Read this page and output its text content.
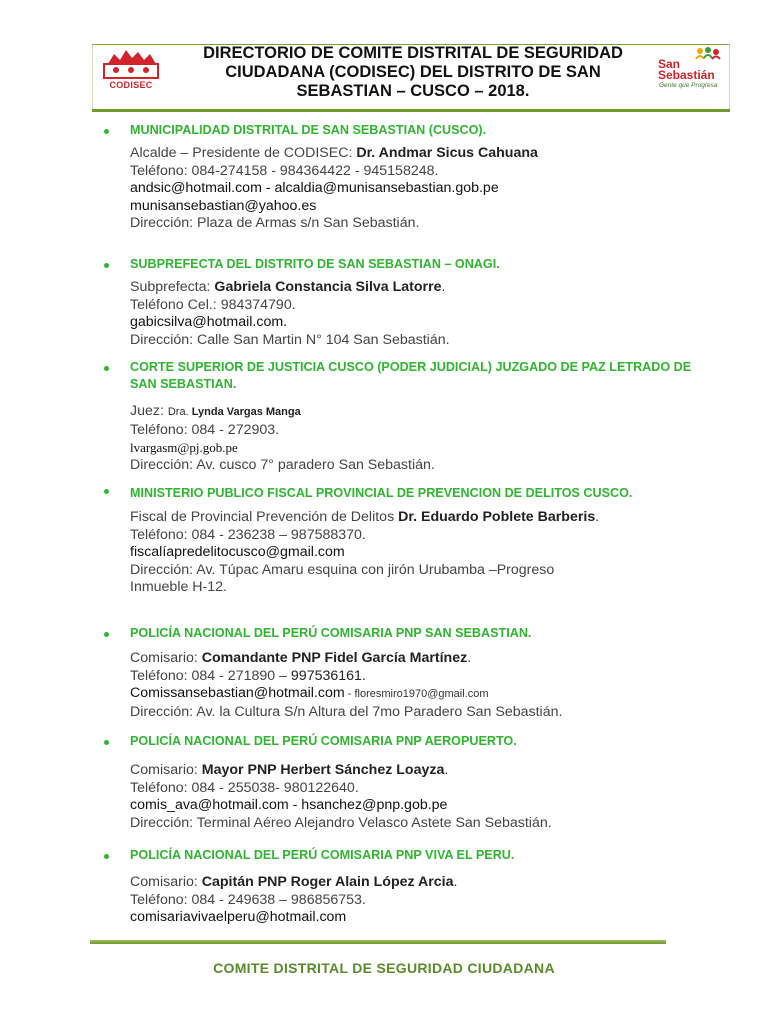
CODISEC
DIRECTORIO DE COMITE DISTRITAL DE SEGURIDAD
CIUDADANA (CODISEC) DEL DISTRITO DE SAN
SEBASTIAN – CUSCO – 2018.
San
Sebastián
Gente que Progresa
MUNICIPALIDAD DISTRITAL DE SAN SEBASTIAN (CUSCO).
Alcalde – Presidente de CODISEC: Dr. Andmar Sicus Cahuana
Teléfono: 084-274158 - 984364422 - 945158248.
andsic@hotmail.com - alcaldia@munisansebastian.gob.pe
munisansebastian@yahoo.es
Dirección: Plaza de Armas s/n San Sebastián.
SUBPREFECTA DEL DISTRITO DE SAN SEBASTIAN – ONAGI.
Subprefecta: Gabriela Constancia Silva Latorre.
Teléfono Cel.: 984374790.
gabicsilva@hotmail.com.
Dirección: Calle San Martin N° 104 San Sebastián.
CORTE SUPERIOR DE JUSTICIA CUSCO (PODER JUDICIAL) JUZGADO DE PAZ LETRADO DE SAN SEBASTIAN.
Juez: Dra. Lynda Vargas Manga
Teléfono: 084 - 272903.
lvargasm@pj.gob.pe
Dirección: Av. cusco 7° paradero San Sebastián.
MINISTERIO PUBLICO FISCAL PROVINCIAL DE PREVENCION DE DELITOS CUSCO.
Fiscal de Provincial Prevención de Delitos Dr. Eduardo Poblete Barberis.
Teléfono: 084 - 236238 – 987588370.
fiscalíapredelitocusco@gmail.com
Dirección: Av. Túpac Amaru esquina con jirón Urubamba –Progreso
Inmueble H-12.
POLICÍA NACIONAL DEL PERÚ COMISARIA PNP SAN SEBASTIAN.
Comisario: Comandante PNP Fidel García Martínez.
Teléfono: 084 - 271890 – 997536161.
Comissansebastian@hotmail.com - floresmiro1970@gmail.com
Dirección: Av. la Cultura S/n Altura del 7mo Paradero San Sebastián.
POLICÍA NACIONAL DEL PERÚ COMISARIA PNP AEROPUERTO.
Comisario: Mayor PNP Herbert Sánchez Loayza.
Teléfono: 084 - 255038- 980122640.
comis_ava@hotmail.com - hsanchez@pnp.gob.pe
Dirección: Terminal Aéreo Alejandro Velasco Astete San Sebastián.
POLICÍA NACIONAL DEL PERÚ COMISARIA PNP VIVA EL PERU.
Comisario: Capitán PNP Roger Alain López Arcia.
Teléfono: 084 - 249638 – 986856753.
comisariavivaelperu@hotmail.com
COMITE DISTRITAL DE SEGURIDAD CIUDADANA
